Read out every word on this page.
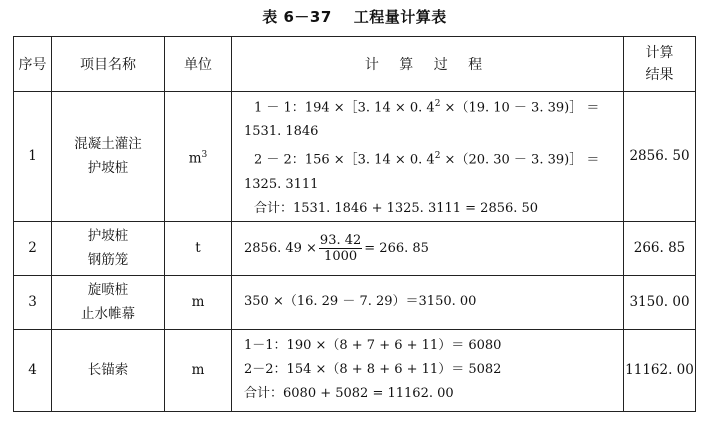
表 6－37 工程量计算表
序号	项目名称	单位	计 算 过 程	计算
结果

1	混凝土灌注
护坡桩	$m^3$	1 － 1：194 ×［3. 14 × 0. $4^2 \times(19$. 10 － 3. 39)］ ＝
1531. 1846
2 － 2：156 ×［3. 14 × 0. $4^2 \times(20$. 30 － 3. 39)］ ＝
1325. 3111
合计：1531. 1846 + 1325. 3111 = 2856. 50	2856. 50
2	护坡桩
钢筋笼	t	2856. $49 \times \frac{93. 42}{1000} = 266$. 85	266. 85
3	旋喷桩
止水帷幕	m	350 ×（16. 29 － 7. 29）＝3150. 00	3150. 00
4	长锚索	m	1－1：190 ×（8 + 7 + 6 + 11）＝ 6080
2－2：154 ×（8 + 8 + 6 + 11）＝ 5082
合计：6080 + 5082 = 11162. 00	11162. 00
